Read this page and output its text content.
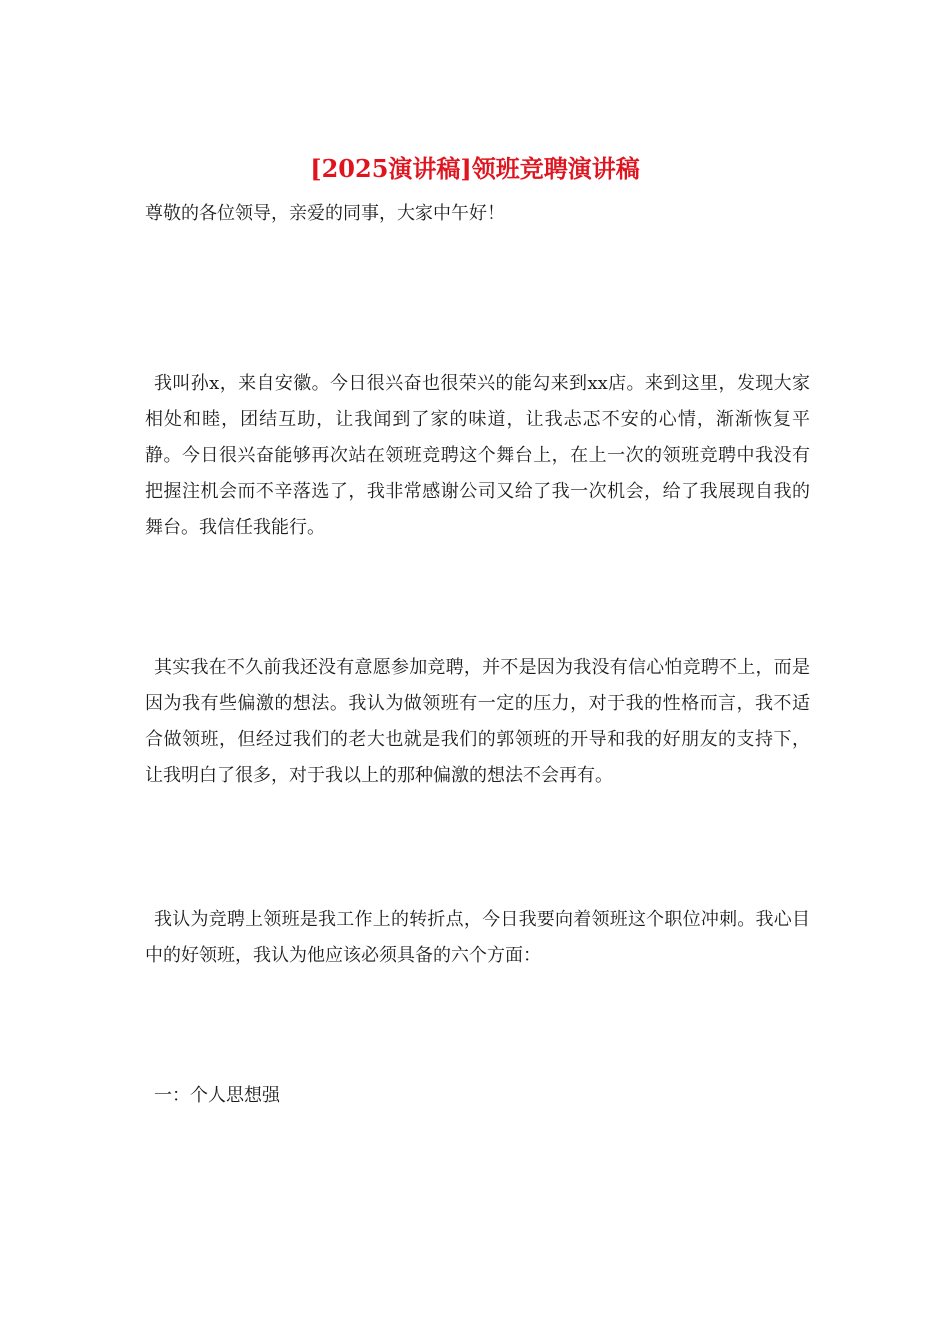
[2025演讲稿]领班竞聘演讲稿

尊敬的各位领导，亲爱的同事，大家中午好！

我叫孙x，来自安徽。今日很兴奋也很荣兴的能勾来到xx店。来到这里，发现大家相处和睦，团结互助，让我闻到了家的味道，让我忐忑不安的心情，渐渐恢复平静。今日很兴奋能够再次站在领班竞聘这个舞台上，在上一次的领班竞聘中我没有把握注机会而不辛落选了，我非常感谢公司又给了我一次机会，给了我展现自我的舞台。我信任我能行。

其实我在不久前我还没有意愿参加竞聘，并不是因为我没有信心怕竞聘不上，而是因为我有些偏激的想法。我认为做领班有一定的压力，对于我的性格而言，我不适合做领班，但经过我们的老大也就是我们的郭领班的开导和我的好朋友的支持下，让我明白了很多，对于我以上的那种偏激的想法不会再有。

我认为竞聘上领班是我工作上的转折点，今日我要向着领班这个职位冲刺。我心目中的好领班，我认为他应该必须具备的六个方面：

一：个人思想强
